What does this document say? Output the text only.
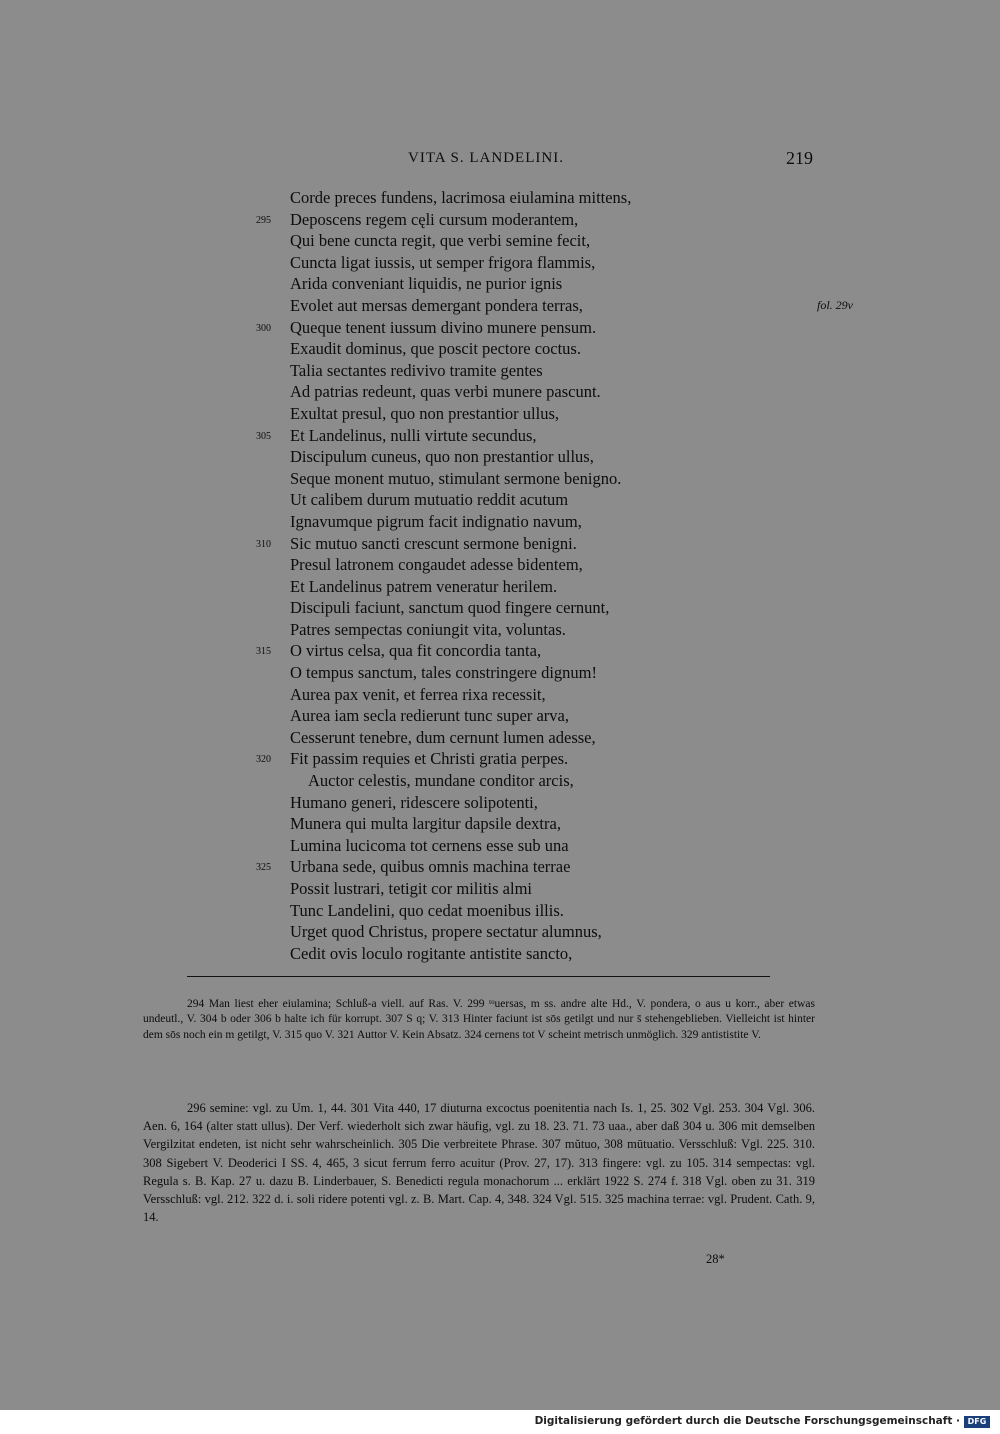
VITA S. LANDELINI.	219
Corde preces fundens, lacrimosa eiulamina mittens,
295 Deposcens regem cęli cursum moderantem,
Qui bene cuncta regit, que verbi semine fecit,
Cuncta ligat iussis, ut semper frigora flammis,
Arida conveniant liquidis, ne purior ignis
Evolet aut mersas demergant pondera terras,	fol. 29v
300 Queque tenent iussum divino munere pensum.
Exaudit dominus, que poscit pectore coctus.
Talia sectantes redivivo tramite gentes
Ad patrias redeunt, quas verbi munere pascunt.
Exultat presul, quo non prestantior ullus,
305 Et Landelinus, nulli virtute secundus,
Discipulum cuneus, quo non prestantior ullus,
Seque monent mutuo, stimulant sermone benigno.
Ut calibem durum mutuatio reddit acutum
Ignavumque pigrum facit indignatio navum,
310 Sic mutuo sancti crescunt sermone benigni.
Presul latronem congaudet adesse bidentem,
Et Landelinus patrem veneratur herilem.
Discipuli faciunt, sanctum quod fingere cernunt,
Patres sempectas coniungit vita, voluntas.
315 O virtus celsa, qua fit concordia tanta,
O tempus sanctum, tales constringere dignum!
Aurea pax venit, et ferrea rixa recessit,
Aurea iam secla redierunt tunc super arva,
Cesserunt tenebre, dum cernunt lumen adesse,
320 Fit passim requies et Christi gratia perpes.
Auctor celestis, mundane conditor arcis,
Humano generi, ridescere solipotenti,
Munera qui multa largitur dapsile dextra,
Lumina lucicoma tot cernens esse sub una
325 Urbana sede, quibus omnis machina terrae
Possit lustrari, tetigit cor militis almi
Tunc Landelini, quo cedat moenibus illis.
Urget quod Christus, propere sectatur alumnus,
Cedit ovis loculo rogitante antistite sancto,

294 Man liest eher eiulamina; Schluß-a viell. auf Ras. V. 299 ᵗᵒuersas, m ss. andre alte Hd., V. pondera, o aus u korr., aber etwas undeutl., V. 304 b oder 306 b halte ich für korrupt. 307 S q; V. 313 Hinter faciunt ist sōs getilgt und nur s̄ stehengeblieben. Vielleicht ist hinter dem sōs noch ein m getilgt, V. 315 quo V. 321 Auttor V. Kein Absatz. 324 cernens tot V scheint metrisch unmöglich. 329 antististite V.

296 semine: vgl. zu Um. 1, 44. 301 Vita 440, 17 diuturna excoctus poenitentia nach Is. 1, 25. 302 Vgl. 253. 304 Vgl. 306. Aen. 6, 164 (alter statt ullus). Der Verf. wiederholt sich zwar häufig, vgl. zu 18. 23. 71. 73 uaa., aber daß 304 u. 306 mit demselben Vergilzitat endeten, ist nicht sehr wahrscheinlich. 305 Die verbreitete Phrase. 307 mŭtuo, 308 mūtuatio. Versschluß: Vgl. 225. 310. 308 Sigebert V. Deoderici I SS. 4, 465, 3 sicut ferrum ferro acuitur (Prov. 27, 17). 313 fingere: vgl. zu 105. 314 sempectas: vgl. Regula s. B. Kap. 27 u. dazu B. Linderbauer, S. Benedicti regula monachorum ... erklärt 1922 S. 274 f. 318 Vgl. oben zu 31. 319 Versschluß: vgl. 212. 322 d. i. soli ridere potenti vgl. z. B. Mart. Cap. 4, 348. 324 Vgl. 515. 325 machina terrae: vgl. Prudent. Cath. 9, 14.

28*
Digitalisierung gefördert durch die Deutsche Forschungsgemeinschaft · DFG
